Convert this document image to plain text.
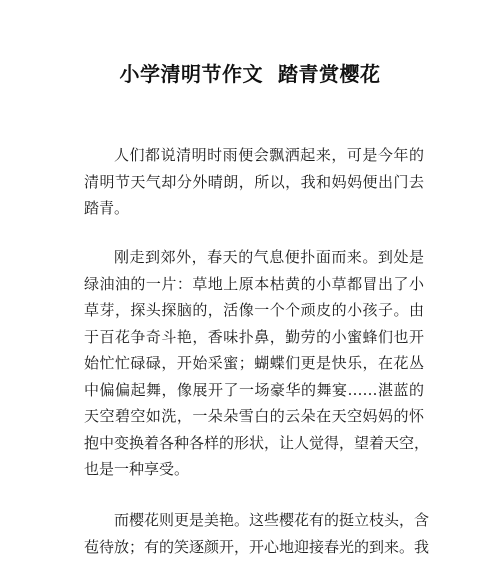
小学清明节作文  踏青赏樱花
人们都说清明时雨便会飘洒起来，可是今年的
清明节天气却分外晴朗，所以，我和妈妈便出门去
踏青。
刚走到郊外，春天的气息便扑面而来。到处是
绿油油的一片：草地上原本枯黄的小草都冒出了小
草芽，探头探脑的，活像一个个顽皮的小孩子。由
于百花争奇斗艳，香味扑鼻，勤劳的小蜜蜂们也开
始忙忙碌碌，开始采蜜；蝴蝶们更是快乐，在花丛
中偏偏起舞，像展开了一场豪华的舞宴……湛蓝的
天空碧空如洗，一朵朵雪白的云朵在天空妈妈的怀
抱中变换着各种各样的形状，让人觉得，望着天空，
也是一种享受。
而樱花则更是美艳。这些樱花有的挺立枝头，含
苞待放；有的笑逐颜开，开心地迎接春光的到来。我
